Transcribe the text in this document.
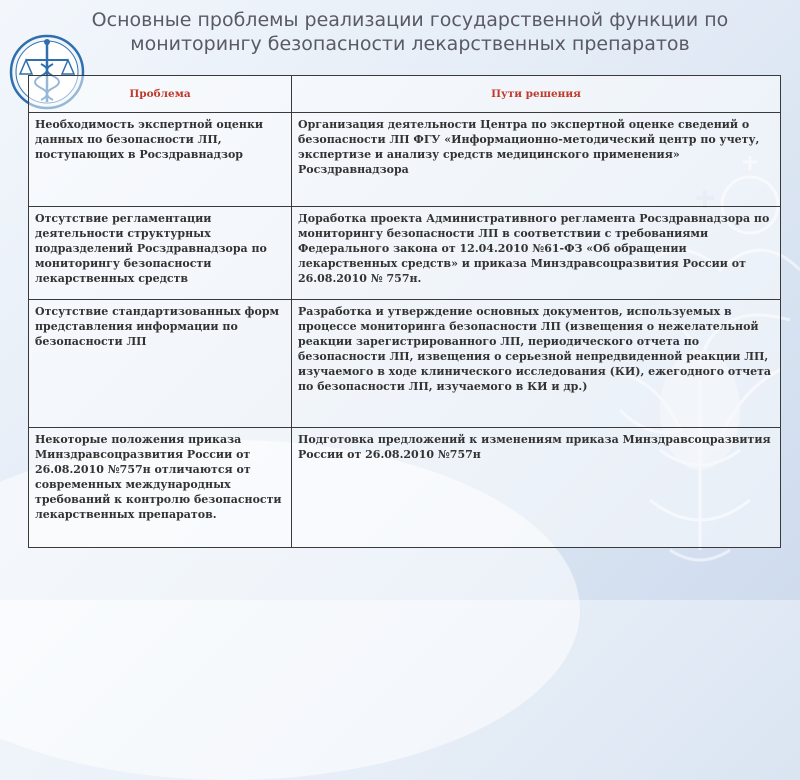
Основные проблемы реализации государственной функции по мониторингу безопасности лекарственных препаратов
Проблема	Пути решения
Необходимость экспертной оценки данных по безопасности ЛП, поступающих в Росздравнадзор	Организация деятельности Центра по экспертной оценке сведений о безопасности ЛП ФГУ «Информационно-методический центр по учету, экспертизе и анализу средств медицинского применения» Росздравнадзора
Отсутствие регламентации деятельности структурных подразделений Росздравнадзора по мониторингу безопасности лекарственных средств	Доработка проекта Административного регламента Росздравнадзора по мониторингу безопасности ЛП в соответствии с требованиями Федерального закона от 12.04.2010 №61-ФЗ «Об обращении лекарственных средств» и приказа Минздравсоцразвития России от 26.08.2010 № 757н.
Отсутствие стандартизованных форм представления информации по безопасности ЛП	Разработка и утверждение основных документов, используемых в процессе мониторинга безопасности ЛП (извещения о нежелательной реакции зарегистрированного ЛП, периодического отчета по безопасности ЛП, извещения о серьезной непредвиденной реакции ЛП, изучаемого в ходе клинического исследования (КИ), ежегодного отчета по безопасности ЛП, изучаемого в КИ и др.)
Некоторые положения приказа Минздравсоцразвития России от 26.08.2010 №757н отличаются от современных международных требований к контролю безопасности лекарственных препаратов.	Подготовка предложений к изменениям приказа Минздравсоцразвития России от 26.08.2010 №757н
